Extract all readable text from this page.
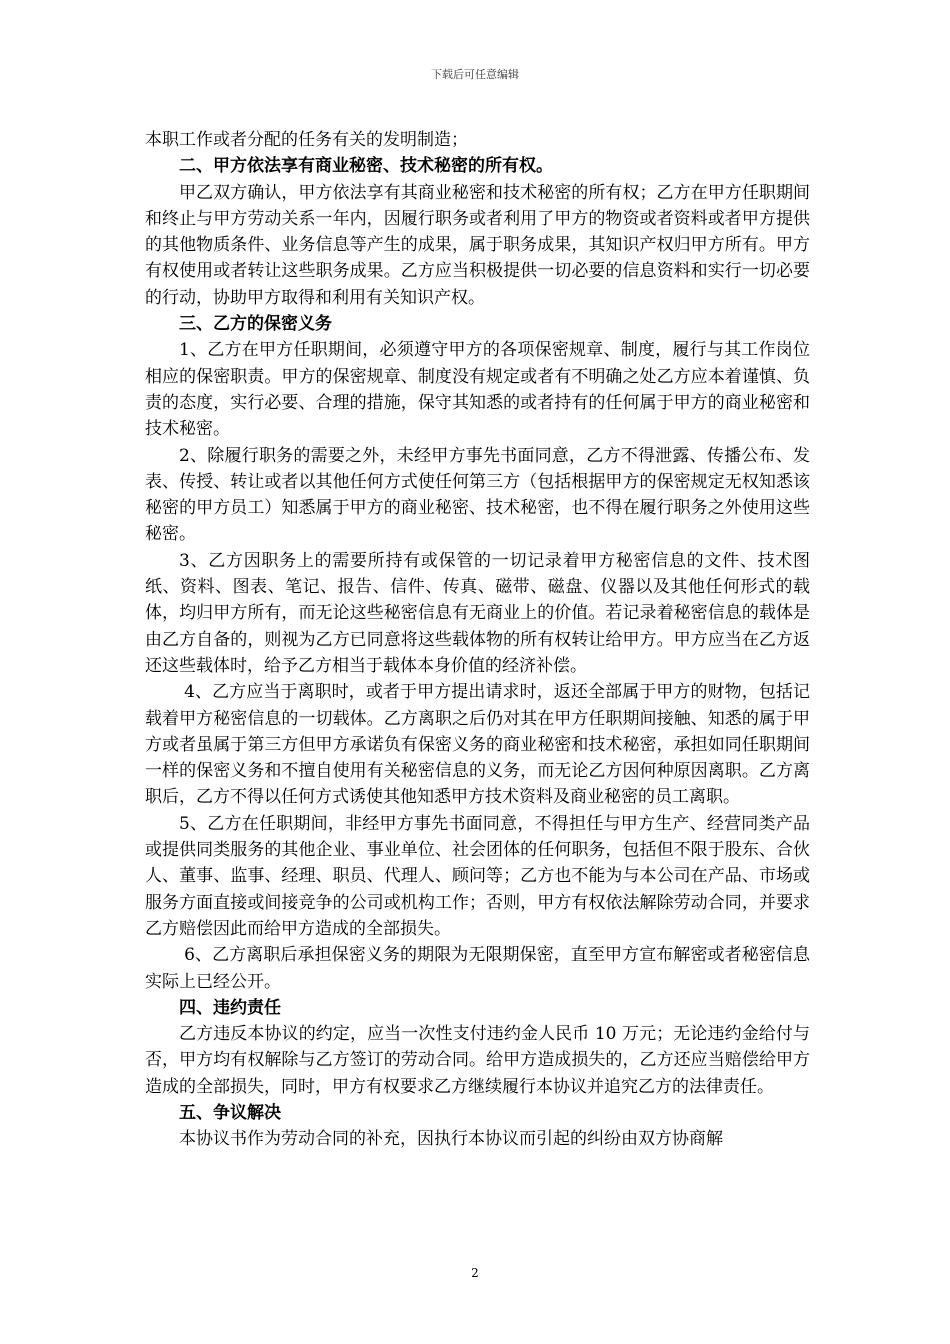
下载后可任意编辑

本职工作或者分配的任务有关的发明制造；

二、甲方依法享有商业秘密、技术秘密的所有权。

甲乙双方确认，甲方依法享有其商业秘密和技术秘密的所有权；乙方在甲方任职期间和终止与甲方劳动关系一年内，因履行职务或者利用了甲方的物资或者资料或者甲方提供的其他物质条件、业务信息等产生的成果，属于职务成果，其知识产权归甲方所有。甲方有权使用或者转让这些职务成果。乙方应当积极提供一切必要的信息资料和实行一切必要的行动，协助甲方取得和利用有关知识产权。

三、乙方的保密义务

1、乙方在甲方任职期间，必须遵守甲方的各项保密规章、制度，履行与其工作岗位相应的保密职责。甲方的保密规章、制度没有规定或者有不明确之处乙方应本着谨慎、负责的态度，实行必要、合理的措施，保守其知悉的或者持有的任何属于甲方的商业秘密和技术秘密。

2、除履行职务的需要之外，未经甲方事先书面同意，乙方不得泄露、传播公布、发表、传授、转让或者以其他任何方式使任何第三方（包括根据甲方的保密规定无权知悉该秘密的甲方员工）知悉属于甲方的商业秘密、技术秘密，也不得在履行职务之外使用这些秘密。

3、乙方因职务上的需要所持有或保管的一切记录着甲方秘密信息的文件、技术图纸、资料、图表、笔记、报告、信件、传真、磁带、磁盘、仪器以及其他任何形式的载体，均归甲方所有，而无论这些秘密信息有无商业上的价值。若记录着秘密信息的载体是由乙方自备的，则视为乙方已同意将这些载体物的所有权转让给甲方。甲方应当在乙方返还这些载体时，给予乙方相当于载体本身价值的经济补偿。

4、乙方应当于离职时，或者于甲方提出请求时，返还全部属于甲方的财物，包括记载着甲方秘密信息的一切载体。乙方离职之后仍对其在甲方任职期间接触、知悉的属于甲方或者虽属于第三方但甲方承诺负有保密义务的商业秘密和技术秘密，承担如同任职期间一样的保密义务和不擅自使用有关秘密信息的义务，而无论乙方因何种原因离职。乙方离职后，乙方不得以任何方式诱使其他知悉甲方技术资料及商业秘密的员工离职。

5、乙方在任职期间，非经甲方事先书面同意，不得担任与甲方生产、经营同类产品或提供同类服务的其他企业、事业单位、社会团体的任何职务，包括但不限于股东、合伙人、董事、监事、经理、职员、代理人、顾问等；乙方也不能为与本公司在产品、市场或服务方面直接或间接竞争的公司或机构工作；否则，甲方有权依法解除劳动合同，并要求乙方赔偿因此而给甲方造成的全部损失。

6、乙方离职后承担保密义务的期限为无限期保密，直至甲方宣布解密或者秘密信息实际上已经公开。

四、违约责任

乙方违反本协议的约定，应当一次性支付违约金人民币 10 万元；无论违约金给付与否，甲方均有权解除与乙方签订的劳动合同。给甲方造成损失的，乙方还应当赔偿给甲方造成的全部损失，同时，甲方有权要求乙方继续履行本协议并追究乙方的法律责任。

五、争议解决

本协议书作为劳动合同的补充，因执行本协议而引起的纠纷由双方协商解

2
